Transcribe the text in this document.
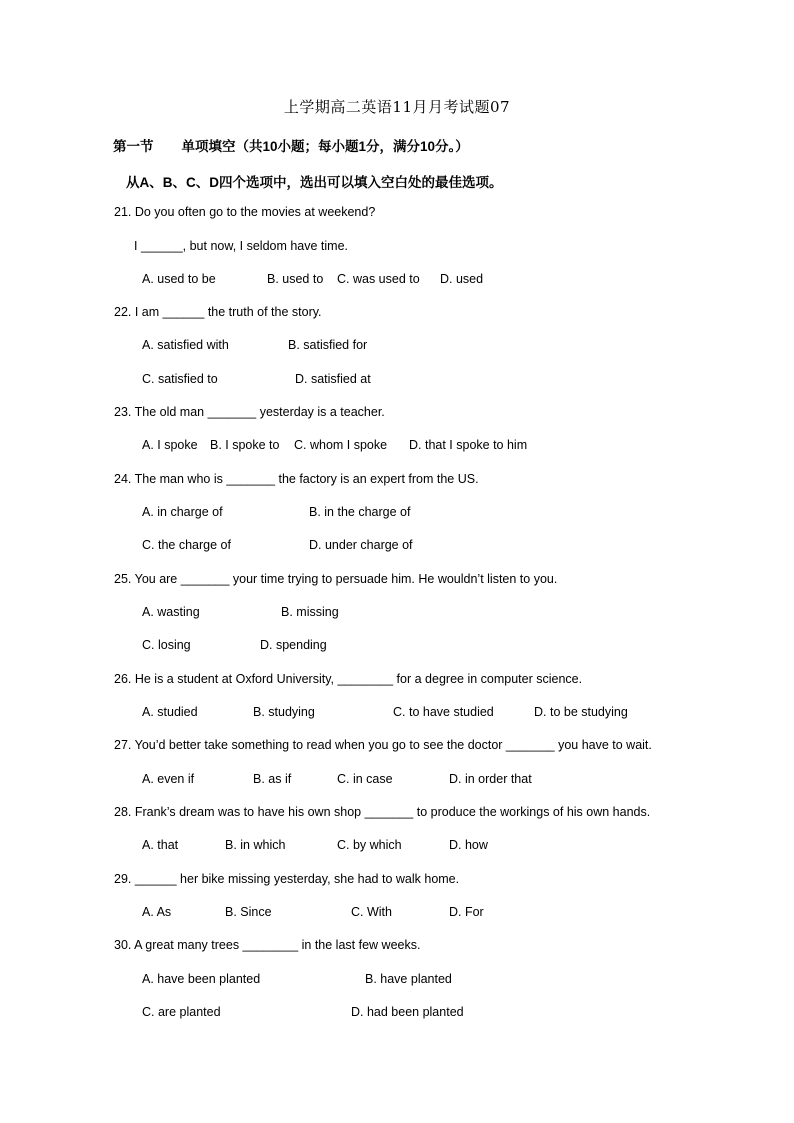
上学期高二英语11月月考试题07
第一节 单项填空（共10小题；每小题1分，满分10分。）
从A、B、C、D四个选项中，选出可以填入空白处的最佳选项。
21. Do you often go to the movies at weekend?
I ______, but now, I seldom have time.
A. used to be	B. used to C. was used to D. used
22. I am ______ the truth of the story.
A. satisfied with	B. satisfied for
C. satisfied to	D. satisfied at
23. The old man _______ yesterday is a teacher.
A. I spoke B. I spoke to C. whom I spoke D. that I spoke to him
24. The man who is _______ the factory is an expert from the US.
A. in charge of	B. in the charge of
C. the charge of	D. under charge of
25. You are _______ your time trying to persuade him. He wouldn’t listen to you.
A. wasting	B. missing
C. losing	D. spending
26. He is a student at Oxford University, ________ for a degree in computer science.
A. studied	B. studying	C. to have studied	D. to be studying
27. You’d better take something to read when you go to see the doctor _______ you have to wait.
A. even if	B. as if	C. in case	D. in order that
28. Frank’s dream was to have his own shop _______ to produce the workings of his own hands.
A. that	B. in which	C. by which	D. how
29. ______ her bike missing yesterday, she had to walk home.
A. As	B. Since	C. With	D. For
30. A great many trees ________ in the last few weeks.
A. have been planted	B. have planted
C. are planted	D. had been planted
